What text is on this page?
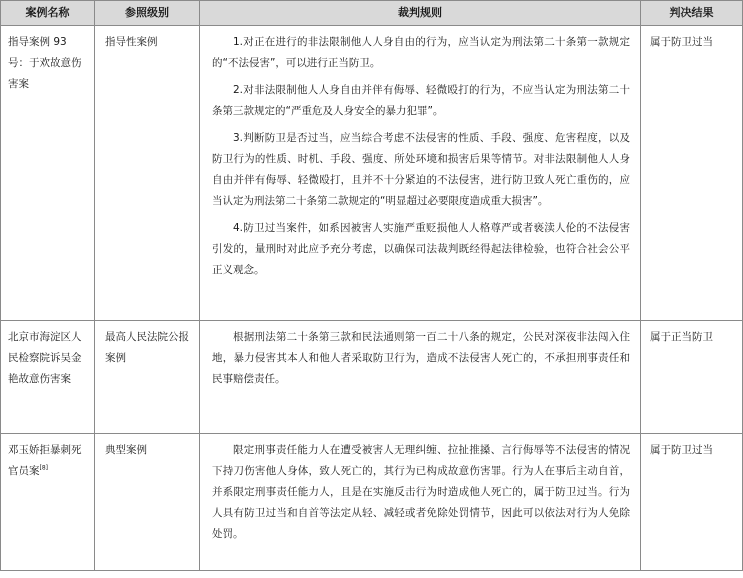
案例名称	参照级别	裁判规则	判决结果
指导案例 93 号：于欢故意伤害案	指导性案例	1.对正在进行的非法限制他人人身自由的行为，应当认定为刑法第二十条第一款规定的“不法侵害”，可以进行正当防卫。

2.对非法限制他人人身自由并伴有侮辱、轻微殴打的行为，不应当认定为刑法第二十条第三款规定的“严重危及人身安全的暴力犯罪”。

3.判断防卫是否过当，应当综合考虑不法侵害的性质、手段、强度、危害程度，以及防卫行为的性质、时机、手段、强度、所处环境和损害后果等情节。对非法限制他人人身自由并伴有侮辱、轻微殴打，且并不十分紧迫的不法侵害，进行防卫致人死亡重伤的，应当认定为刑法第二十条第二款规定的“明显超过必要限度造成重大损害”。

4.防卫过当案件，如系因被害人实施严重贬损他人人格尊严或者亵渎人伦的不法侵害引发的，量刑时对此应予充分考虑，以确保司法裁判既经得起法律检验，也符合社会公平正义观念。	属于防卫过当
北京市海淀区人民检察院诉吴金艳故意伤害案	最高人民法院公报案例	根据刑法第二十条第三款和民法通则第一百二十八条的规定，公民对深夜非法闯入住地，暴力侵害其本人和他人者采取防卫行为，造成不法侵害人死亡的，不承担刑事责任和民事赔偿责任。	属于正当防卫
邓玉娇拒暴刺死官员案[8]	典型案例	限定刑事责任能力人在遭受被害人无理纠缠、拉扯推搡、言行侮辱等不法侵害的情况下持刀伤害他人身体，致人死亡的，其行为已构成故意伤害罪。行为人在事后主动自首，并系限定刑事责任能力人，且是在实施反击行为时造成他人死亡的，属于防卫过当。行为人具有防卫过当和自首等法定从轻、减轻或者免除处罚情节，因此可以依法对行为人免除处罚。	属于防卫过当
